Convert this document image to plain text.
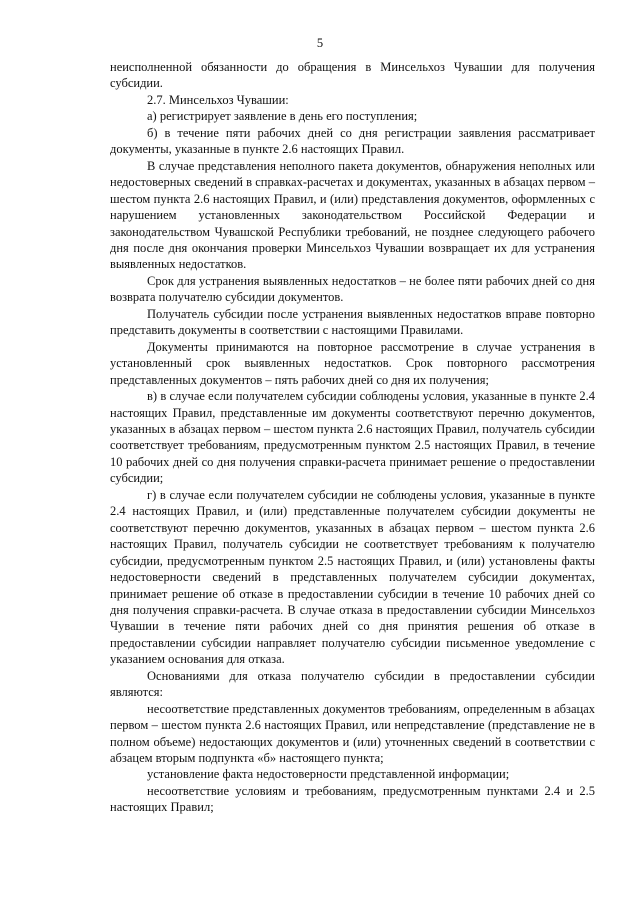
5

неисполненной обязанности до обращения в Минсельхоз Чувашии для получения субсидии.

2.7. Минсельхоз Чувашии:

а) регистрирует заявление в день его поступления;

б) в течение пяти рабочих дней со дня регистрации заявления рассматривает документы, указанные в пункте 2.6 настоящих Правил.

В случае представления неполного пакета документов, обнаружения неполных или недостоверных сведений в справках-расчетах и документах, указанных в абзацах первом – шестом пункта 2.6 настоящих Правил, и (или) представления документов, оформленных с нарушением установленных законодательством Российской Федерации и законодательством Чувашской Республики требований, не позднее следующего рабочего дня после дня окончания проверки Минсельхоз Чувашии возвращает их для устранения выявленных недостатков.

Срок для устранения выявленных недостатков – не более пяти рабочих дней со дня возврата получателю субсидии документов.

Получатель субсидии после устранения выявленных недостатков вправе повторно представить документы в соответствии с настоящими Правилами.

Документы принимаются на повторное рассмотрение в случае устранения в установленный срок выявленных недостатков. Срок повторного рассмотрения представленных документов – пять рабочих дней со дня их получения;

в) в случае если получателем субсидии соблюдены условия, указанные в пункте 2.4 настоящих Правил, представленные им документы соответствуют перечню документов, указанных в абзацах первом – шестом пункта 2.6 настоящих Правил, получатель субсидии соответствует требованиям, предусмотренным пунктом 2.5 настоящих Правил, в течение 10 рабочих дней со дня получения справки-расчета принимает решение о предоставлении субсидии;

г) в случае если получателем субсидии не соблюдены условия, указанные в пункте 2.4 настоящих Правил, и (или) представленные получателем субсидии документы не соответствуют перечню документов, указанных в абзацах первом – шестом пункта 2.6 настоящих Правил, получатель субсидии не соответствует требованиям к получателю субсидии, предусмотренным пунктом 2.5 настоящих Правил, и (или) установлены факты недостоверности сведений в представленных получателем субсидии документах, принимает решение об отказе в предоставлении субсидии в течение 10 рабочих дней со дня получения справки-расчета. В случае отказа в предоставлении субсидии Минсельхоз Чувашии в течение пяти рабочих дней со дня принятия решения об отказе в предоставлении субсидии направляет получателю субсидии письменное уведомление с указанием основания для отказа.

Основаниями для отказа получателю субсидии в предоставлении субсидии являются:

несоответствие представленных документов требованиям, определенным в абзацах первом – шестом пункта 2.6 настоящих Правил, или непредставление (представление не в полном объеме) недостающих документов и (или) уточненных сведений в соответствии с абзацем вторым подпункта «б» настоящего пункта;

установление факта недостоверности представленной информации;

несоответствие условиям и требованиям, предусмотренным пунктами 2.4 и 2.5 настоящих Правил;
